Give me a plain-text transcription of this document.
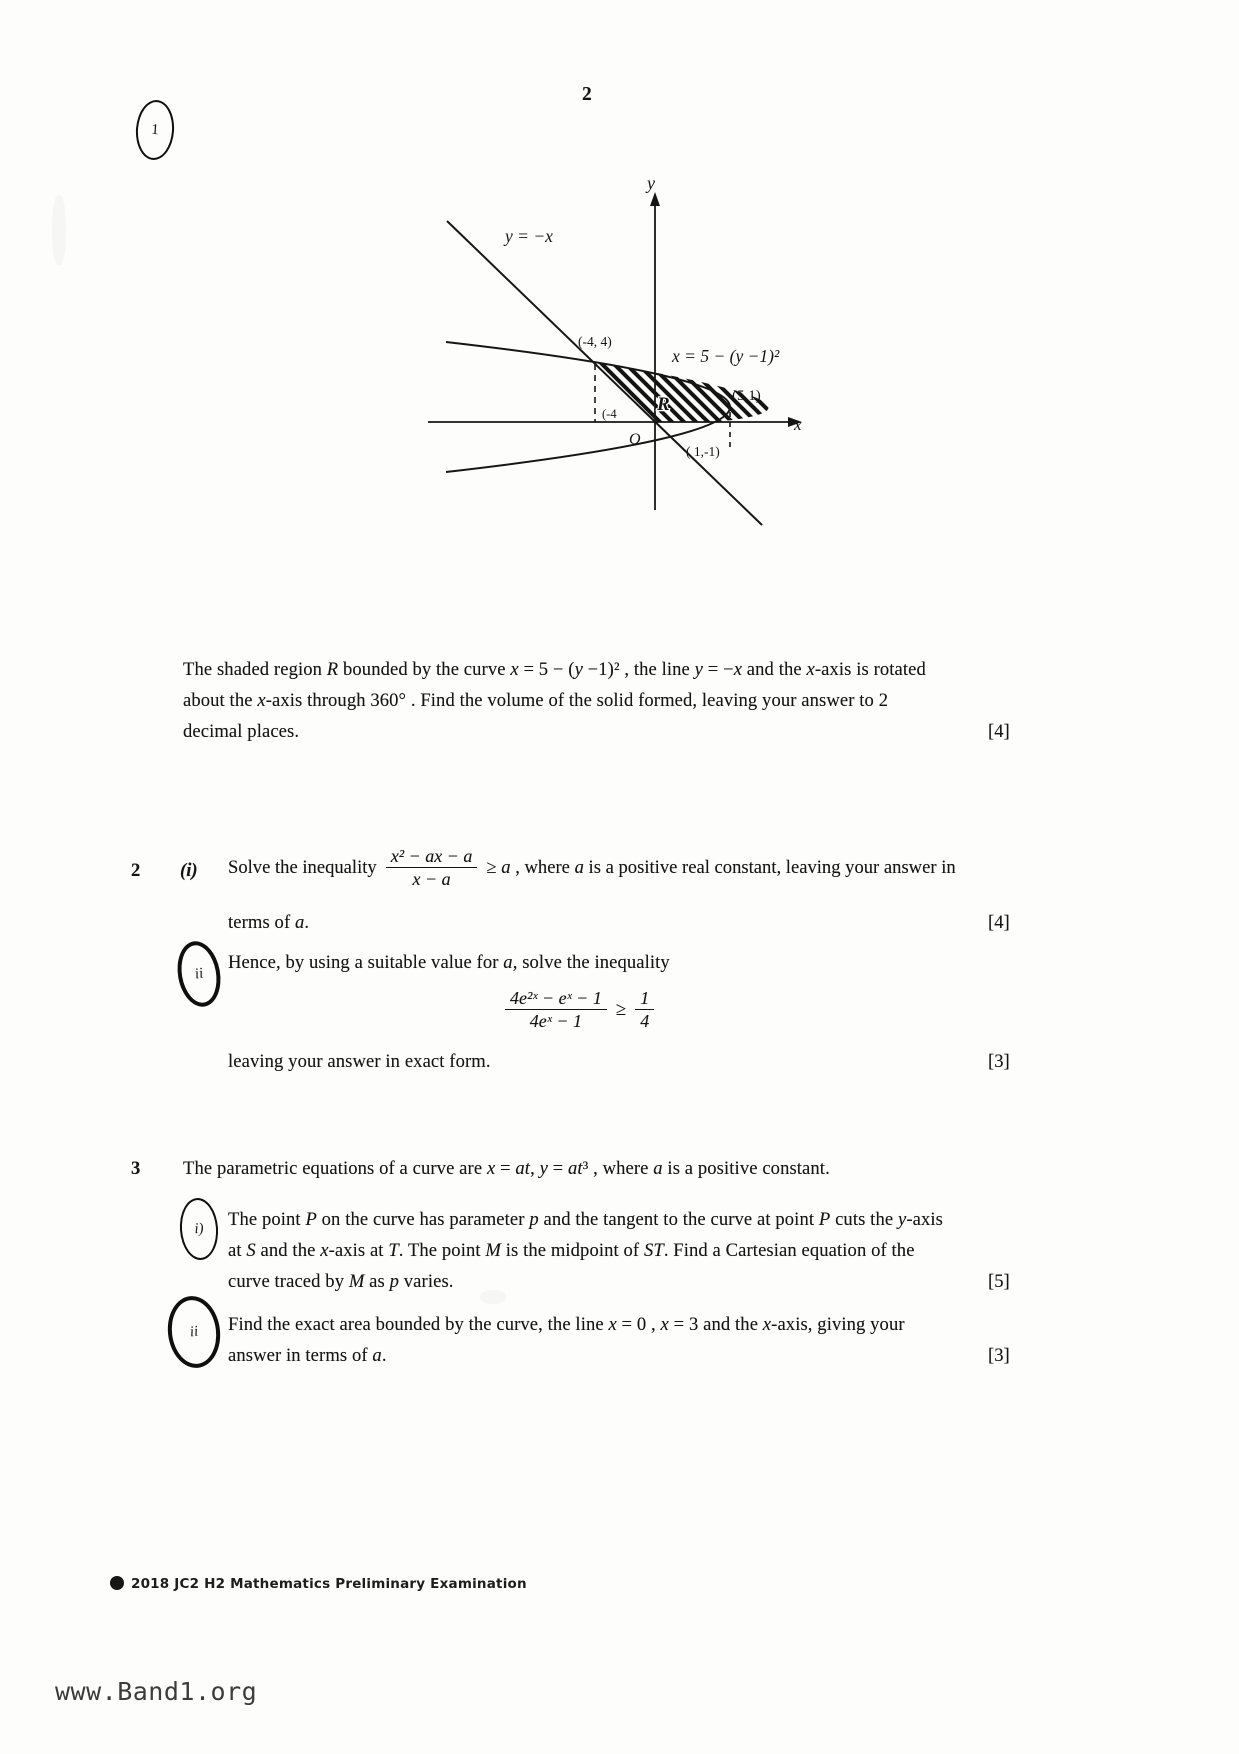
2
1
y
x
y = −x
x = 5 − (y −1)²
(-4, 4)
(5,1)
(-4
O
( 1,-1)
R
The shaded region R bounded by the curve x = 5 − (y −1)² , the line y = −x and the x-axis is rotated
about the x-axis through 360° . Find the volume of the solid formed, leaving your answer to 2
decimal places.	[4]
2 (i) Solve the inequality $\frac{\text{x² − ax − a}}{x - a} \ge a$ , where a is a positive real constant, leaving your answer in
terms of a.	[4]
ii
Hence, by using a suitable value for a, solve the inequality
$\frac{\text{4e²ˣ − eˣ − 1}}{\text{4eˣ − 1}} \ge \frac{1}{4}$
leaving your answer in exact form.	[3]
3 The parametric equations of a curve are x = at, y = at³ , where a is a positive constant.
i) The point P on the curve has parameter p and the tangent to the curve at point P cuts the y-axis
at S and the x-axis at T. The point M is the midpoint of ST. Find a Cartesian equation of the
curve traced by M as p varies.	[5]
ii Find the exact area bounded by the curve, the line x = 0 , x = 3 and the x-axis, giving your
answer in terms of a.	[3]
2018 JC2 H2 Mathematics Preliminary Examination
www.Band1.org
